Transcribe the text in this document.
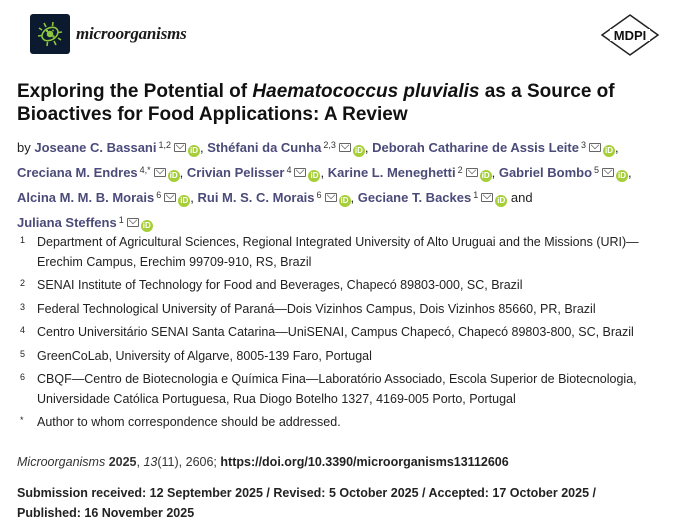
microorganisms	MDPI
Exploring the Potential of Haematococcus pluvialis as a Source of Bioactives for Food Applications: A Review
by Joseane C. Bassani $^{1,2}$iD , Sthéfani da Cunha $^{2,3}$iD , Deborah Catharine de Assis Leite $^3$iD , Creciana M. Endres $^{4,*}$iD , Crivian Pelisser $^4$iD , Karine L. Meneghetti $^2$iD , Gabriel Bombo $^5$iD , Alcina M. M. B. Morais $^6$iD , Rui M. S. C. Morais $^6$iD , Geciane T. Backes $^1$iD and
Juliana Steffens $^1$iD
1 Department of Agricultural Sciences, Regional Integrated University of Alto Uruguai and the Missions (URI)—Erechim Campus, Erechim 99709-910, RS, Brazil
2 SENAI Institute of Technology for Food and Beverages, Chapecó 89803-000, SC, Brazil
3 Federal Technological University of Paraná—Dois Vizinhos Campus, Dois Vizinhos 85660, PR, Brazil
4 Centro Universitário SENAI Santa Catarina—UniSENAI, Campus Chapecó, Chapecó 89803-800, SC, Brazil
5 GreenCoLab, University of Algarve, 8005-139 Faro, Portugal
6 CBQF—Centro de Biotecnologia e Química Fina—Laboratório Associado, Escola Superior de Biotecnologia, Universidade Católica Portuguesa, Rua Diogo Botelho 1327, 4169-005 Porto, Portugal
*	Author to whom correspondence should be addressed.
Microorganisms 2025, 13(11), 2606; https://doi.org/10.3390/microorganisms13112606
Submission received: 12 September 2025 / Revised: 5 October 2025 / Accepted: 17 October 2025 /
Published: 16 November 2025
